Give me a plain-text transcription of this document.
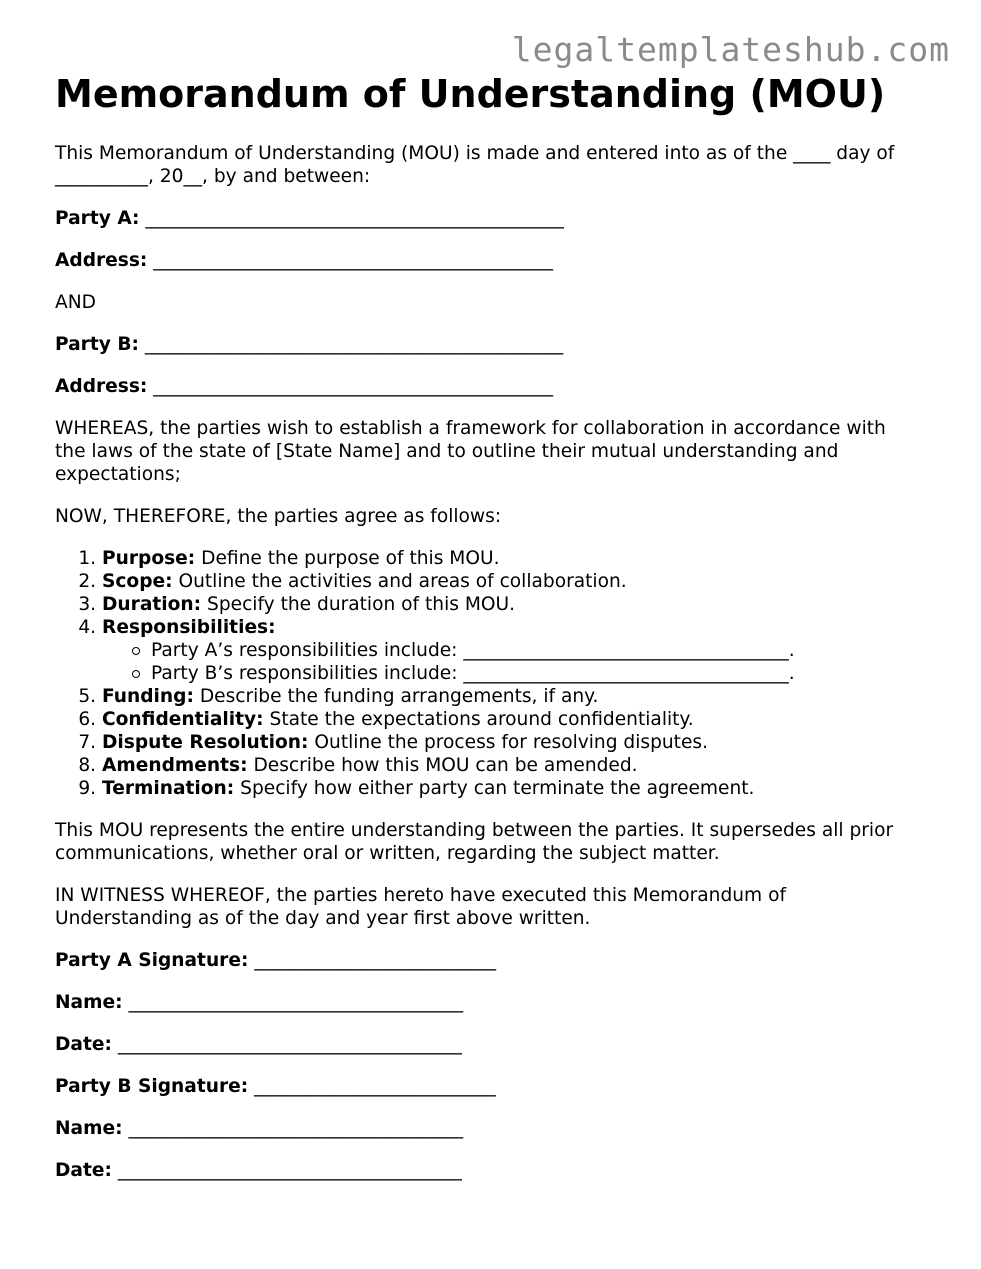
legaltemplateshub.com
Memorandum of Understanding (MOU)

This Memorandum of Understanding (MOU) is made and entered into as of the ____ day of
__________, 20__, by and between:

Party A: _____________________________________________

Address: ___________________________________________

AND

Party B: _____________________________________________

Address: ___________________________________________

WHEREAS, the parties wish to establish a framework for collaboration in accordance with
the laws of the state of [State Name] and to outline their mutual understanding and
expectations;

NOW, THEREFORE, the parties agree as follows:

1. Purpose: Define the purpose of this MOU.
2. Scope: Outline the activities and areas of collaboration.
3. Duration: Specify the duration of this MOU.
4. Responsibilities:
Party A’s responsibilities include: ___________________________________.
Party B’s responsibilities include: ___________________________________.
5. Funding: Describe the funding arrangements, if any.
6. Confidentiality: State the expectations around confidentiality.
7. Dispute Resolution: Outline the process for resolving disputes.
8. Amendments: Describe how this MOU can be amended.
9. Termination: Specify how either party can terminate the agreement.

This MOU represents the entire understanding between the parties. It supersedes all prior
communications, whether oral or written, regarding the subject matter.

IN WITNESS WHEREOF, the parties hereto have executed this Memorandum of
Understanding as of the day and year first above written.

Party A Signature: __________________________

Name: ____________________________________

Date: _____________________________________

Party B Signature: __________________________

Name: ____________________________________

Date: _____________________________________
